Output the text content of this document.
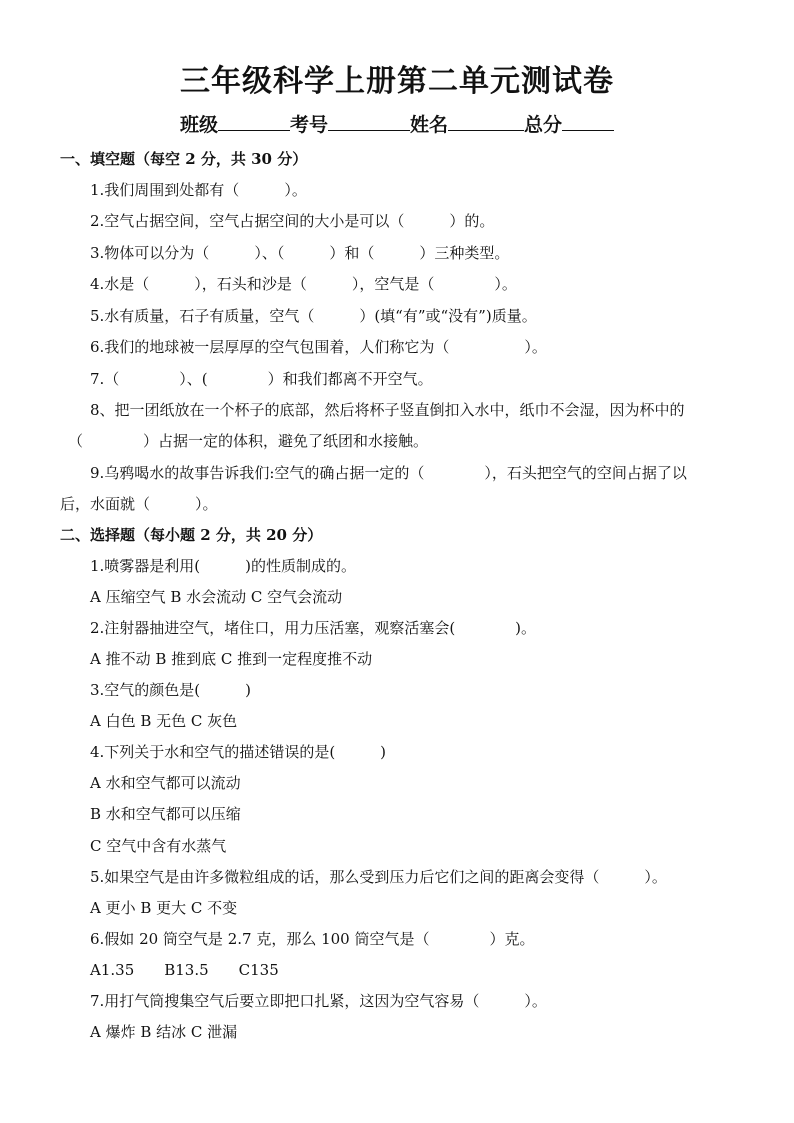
三年级科学上册第二单元测试卷
班级	考号	姓名	总分
一、填空题（每空 2 分，共 30 分）
1.我们周围到处都有（　　　）。
2.空气占据空间，空气占据空间的大小是可以（　　　）的。
3.物体可以分为（　　　）、（　　　）和（　　　）三种类型。
4.水是（　　　），石头和沙是（　　　），空气是（　　　　）。
5.水有质量，石子有质量，空气（　　　）(填“有”或“没有”)质量。
6.我们的地球被一层厚厚的空气包围着，人们称它为（　　　　　）。
7.（　　　　）、(　　　　）和我们都离不开空气。
8、把一团纸放在一个杯子的底部，然后将杯子竖直倒扣入水中，纸巾不会湿，因为杯中的
（　　　　）占据一定的体积，避免了纸团和水接触。
9.乌鸦喝水的故事告诉我们:空气的确占据一定的（　　　　），石头把空气的空间占据了以
后，水面就（　　　）。
二、选择题（每小题 2 分，共 20 分）
1.喷雾器是利用(　　　)的性质制成的。
A 压缩空气 B 水会流动 C 空气会流动
2.注射器抽进空气，堵住口，用力压活塞，观察活塞会(　　　　)。
A 推不动 B 推到底 C 推到一定程度推不动
3.空气的颜色是(　　　)
A 白色 B 无色 C 灰色
4.下列关于水和空气的描述错误的是(　　　)
A 水和空气都可以流动
B 水和空气都可以压缩
C 空气中含有水蒸气
5.如果空气是由许多微粒组成的话，那么受到压力后它们之间的距离会变得（　　　）。
A 更小 B 更大 C 不变
6.假如 20 筒空气是 2.7 克，那么 100 筒空气是（　　　　）克。
A1.35　　B13.5　　C135
7.用打气筒搜集空气后要立即把口扎紧，这因为空气容易（　　　）。
A 爆炸 B 结冰 C 泄漏
